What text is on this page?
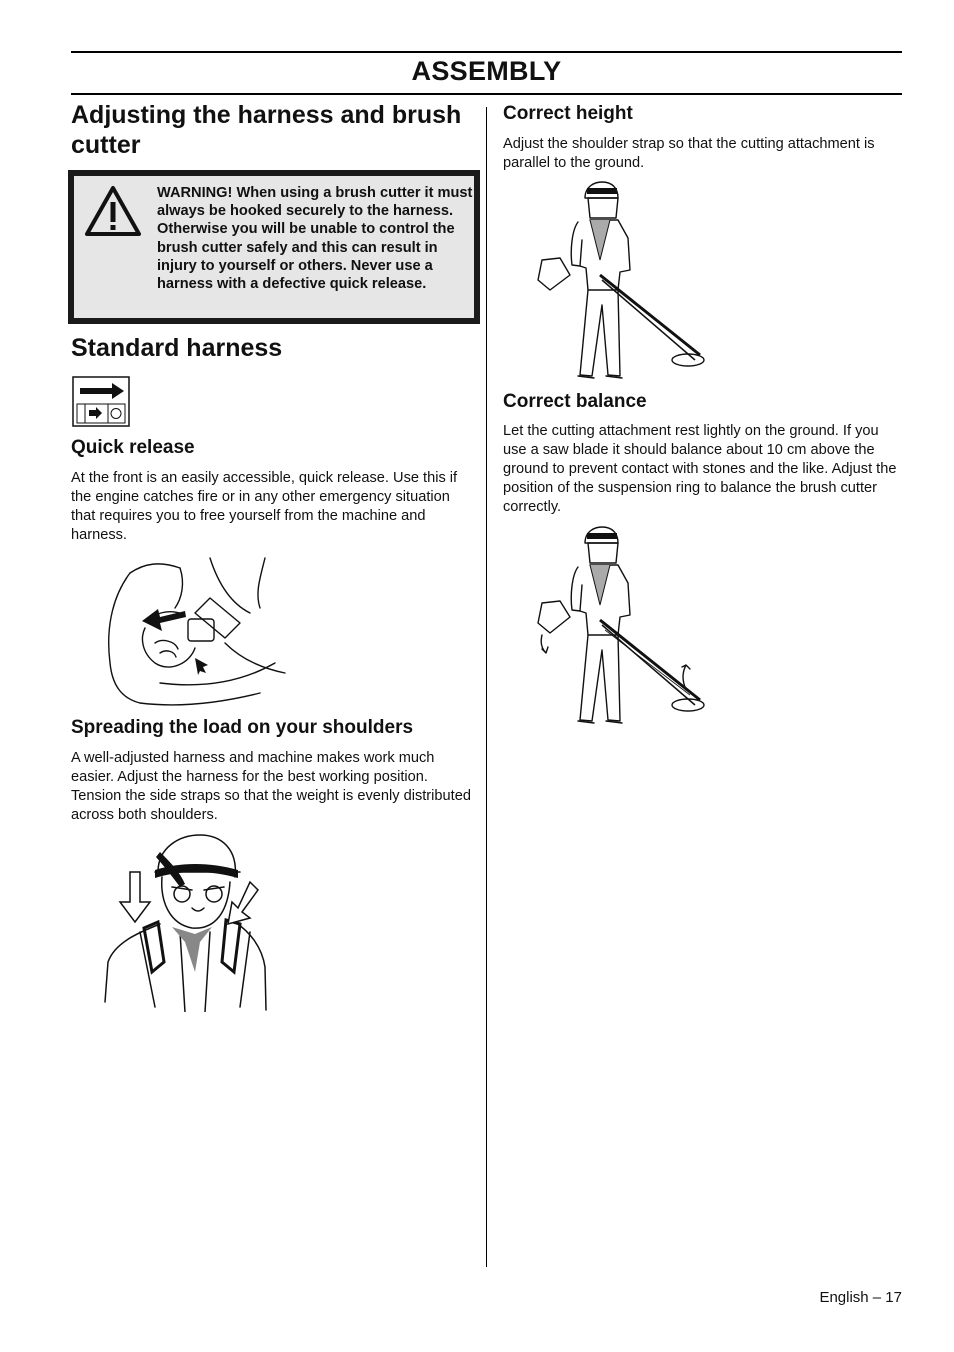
ASSEMBLY
Adjusting the harness and brush cutter
WARNING! When using a brush cutter it must always be hooked securely to the harness. Otherwise you will be unable to control the brush cutter safely and this can result in injury to yourself or others. Never use a harness with a defective quick release.
Standard harness
Quick release

At the front is an easily accessible, quick release. Use this if the engine catches fire or in any other emergency situation that requires you to free yourself from the machine and harness.

Spreading the load on your shoulders

A well-adjusted harness and machine makes work much easier. Adjust the harness for the best working position. Tension the side straps so that the weight is evenly distributed across both shoulders.

Correct height

Adjust the shoulder strap so that the cutting attachment is parallel to the ground.

Correct balance

Let the cutting attachment rest lightly on the ground. If you use a saw blade it should balance about 10 cm above the ground to prevent contact with stones and the like. Adjust the position of the suspension ring to balance the brush cutter correctly.

English – 17
